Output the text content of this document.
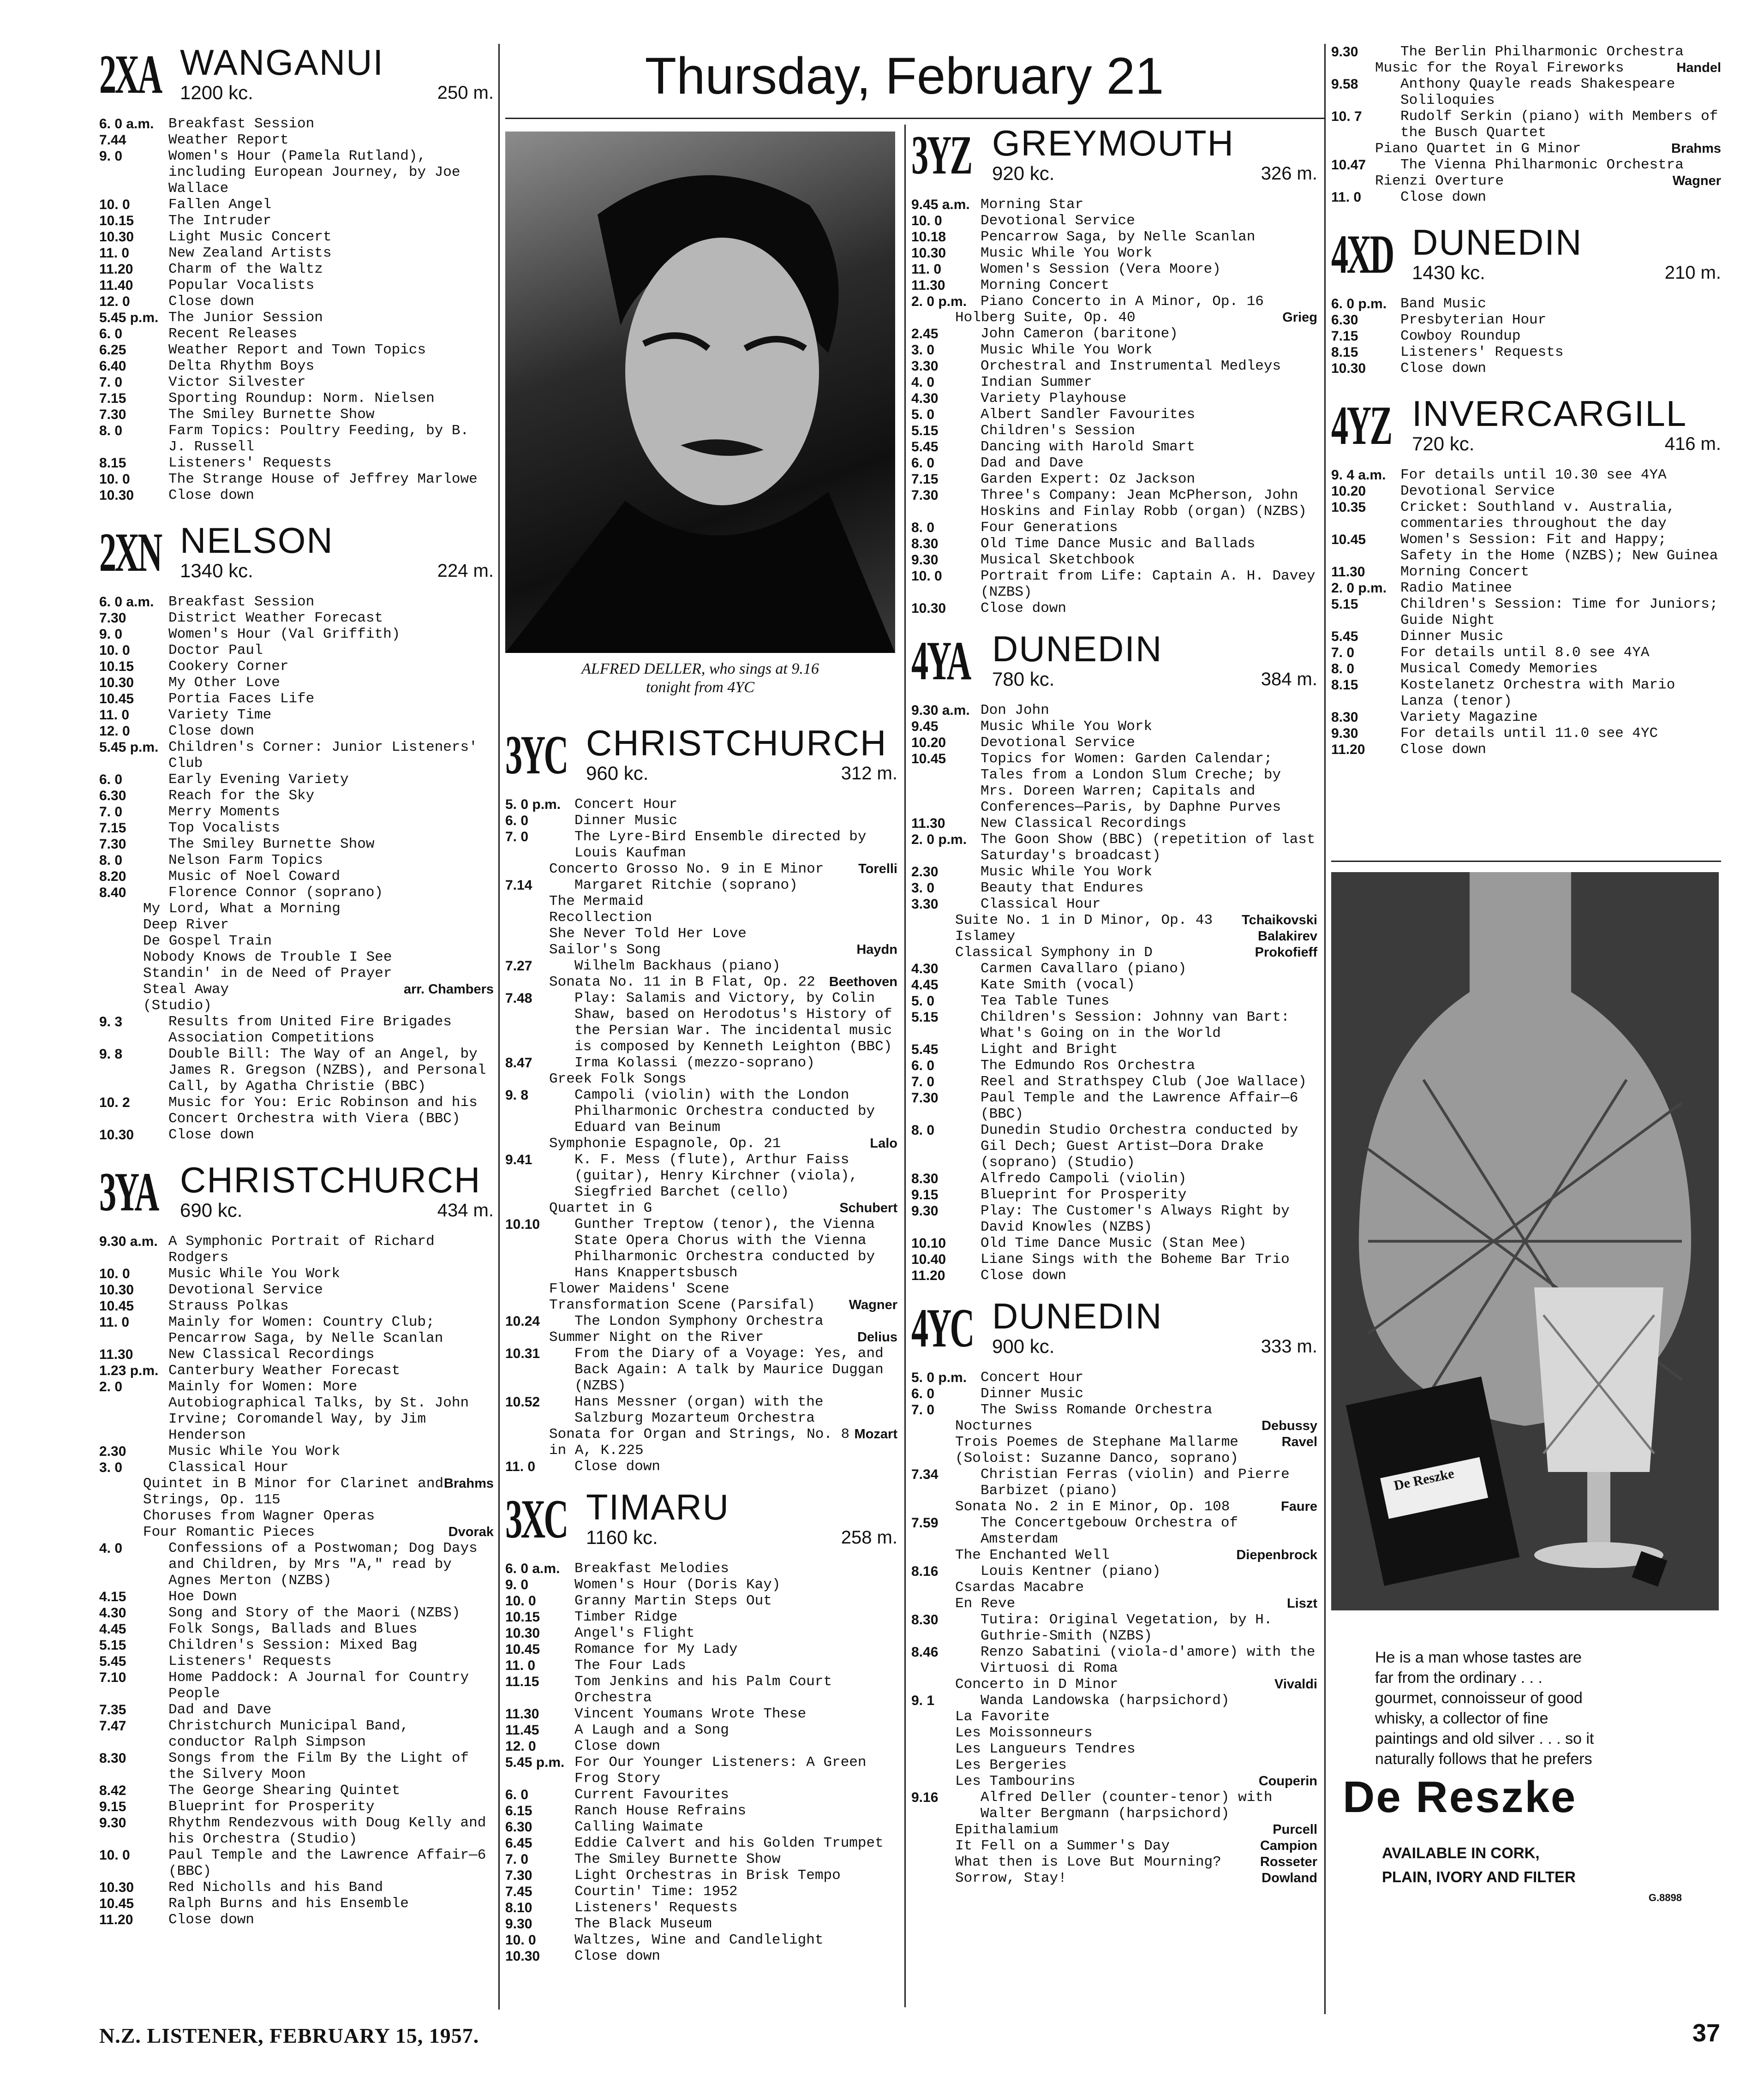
Thursday, February 21
ALFRED DELLER, who sings at 9.16
tonight from 4YC
2XA WANGANUI
1200 kc.	250 m.
6. 0 a.m.	Breakfast Session
7.44	Weather Report
9. 0	Women's Hour (Pamela Rutland), including European Journey, by Joe Wallace
10. 0	Fallen Angel
10.15	The Intruder
10.30	Light Music Concert
11. 0	New Zealand Artists
11.20	Charm of the Waltz
11.40	Popular Vocalists
12. 0	Close down
5.45 p.m. The Junior Session
6. 0	Recent Releases
6.25	Weather Report and Town Topics
6.40	Delta Rhythm Boys
7. 0	Victor Silvester
7.15	Sporting Roundup: Norm. Nielsen
7.30	The Smiley Burnette Show
8. 0	Farm Topics: Poultry Feeding, by B. J. Russell
8.15	Listeners' Requests
10. 0	The Strange House of Jeffrey Marlowe
10.30	Close down
2XN NELSON
1340 kc.	224 m.
6. 0 a.m.	Breakfast Session
7.30	District Weather Forecast
9. 0	Women's Hour (Val Griffith)
10. 0	Doctor Paul
10.15	Cookery Corner
10.30	My Other Love
10.45	Portia Faces Life
11. 0	Variety Time
12. 0	Close down
5.45 p.m. Children's Corner: Junior Listeners' Club
6. 0	Early Evening Variety
6.30	Reach for the Sky
7. 0	Merry Moments
7.15	Top Vocalists
7.30	The Smiley Burnette Show
8. 0	Nelson Farm Topics
8.20	Music of Noel Coward
8.40	Florence Connor (soprano)
My Lord, What a Morning
Deep River
De Gospel Train
Nobody Knows de Trouble I See
Standin' in de Need of Prayer
Steal Away	arr. Chambers
(Studio)
9. 3	Results from United Fire Brigades Association Competitions
9. 8	Double Bill: The Way of an Angel, by James R. Gregson (NZBS), and Personal Call, by Agatha Christie (BBC)
10. 2	Music for You: Eric Robinson and his Concert Orchestra with Viera (BBC)
10.30	Close down
3YA CHRISTCHURCH
690 kc.	434 m.
9.30 a.m. A Symphonic Portrait of Richard Rodgers
10. 0	Music While You Work
10.30	Devotional Service
10.45	Strauss Polkas
11. 0	Mainly for Women: Country Club; Pencarrow Saga, by Nelle Scanlan
11.30	New Classical Recordings
1.23 p.m. Canterbury Weather Forecast
2. 0	Mainly for Women: More Autobiographical Talks, by St. John Irvine; Coromandel Way, by Jim Henderson
2.30	Music While You Work
3. 0	Classical Hour
Quintet in B Minor for Clarinet and Strings, Op. 115
Brahms
Choruses from Wagner Operas
Four Romantic Pieces	Dvorak
4. 0	Confessions of a Postwoman; Dog Days and Children, by Mrs "A," read by Agnes Merton (NZBS)
4.15	Hoe Down
4.30	Song and Story of the Maori (NZBS)
4.45	Folk Songs, Ballads and Blues
5.15	Children's Session: Mixed Bag
5.45	Listeners' Requests
7.10	Home Paddock: A Journal for Country People
7.35	Dad and Dave
7.47	Christchurch Municipal Band, conductor Ralph Simpson
8.30	Songs from the Film By the Light of the Silvery Moon
8.42	The George Shearing Quintet
9.15	Blueprint for Prosperity
9.30	Rhythm Rendezvous with Doug Kelly and his Orchestra (Studio)
10. 0	Paul Temple and the Lawrence Affair—6 (BBC)
10.30	Red Nicholls and his Band
10.45	Ralph Burns and his Ensemble
11.20	Close down
3YC CHRISTCHURCH
960 kc.	312 m.
5. 0 p.m. Concert Hour
6. 0	Dinner Music
7. 0	The Lyre-Bird Ensemble directed by Louis Kaufman
Concerto Grosso No. 9 in E Minor	Torelli
7.14	Margaret Ritchie (soprano)
The Mermaid
Recollection
She Never Told Her Love
Sailor's Song	Haydn
7.27	Wilhelm Backhaus (piano)
Sonata No. 11 in B Flat, Op. 22 Beethoven
7.48	Play: Salamis and Victory, by Colin Shaw, based on Herodotus's History of the Persian War. The incidental music is composed by Kenneth Leighton (BBC)
8.47	Irma Kolassi (mezzo-soprano)
Greek Folk Songs
9. 8	Campoli (violin) with the London Philharmonic Orchestra conducted by Eduard van Beinum
Symphonie Espagnole, Op. 21	Lalo
9.41	K. F. Mess (flute), Arthur Faiss (guitar), Henry Kirchner (viola), Siegfried Barchet (cello)
Quartet in G	Schubert
10.10	Gunther Treptow (tenor), the Vienna State Opera Chorus with the Vienna Philharmonic Orchestra conducted by Hans Knappertsbusch
Flower Maidens' Scene
Transformation Scene (Parsifal)	Wagner
10.24	The London Symphony Orchestra
Summer Night on the River	Delius
10.31	From the Diary of a Voyage: Yes, and Back Again: A talk by Maurice Duggan (NZBS)
10.52	Hans Messner (organ) with the Salzburg Mozarteum Orchestra
Sonata for Organ and Strings, No. 8 in A, K.225
Mozart
11. 0	Close down
3XC TIMARU
1160 kc.	258 m.
6. 0 a.m.	Breakfast Melodies
9. 0	Women's Hour (Doris Kay)
10. 0	Granny Martin Steps Out
10.15	Timber Ridge
10.30	Angel's Flight
10.45	Romance for My Lady
11. 0	The Four Lads
11.15	Tom Jenkins and his Palm Court Orchestra
11.30	Vincent Youmans Wrote These
11.45	A Laugh and a Song
12. 0	Close down
5.45 p.m. For Our Younger Listeners: A Green Frog Story
6. 0	Current Favourites
6.15	Ranch House Refrains
6.30	Calling Waimate
6.45	Eddie Calvert and his Golden Trumpet
7. 0	The Smiley Burnette Show
7.30	Light Orchestras in Brisk Tempo
7.45	Courtin' Time: 1952
8.10	Listeners' Requests
9.30	The Black Museum
10. 0	Waltzes, Wine and Candlelight
10.30	Close down
3YZ GREYMOUTH
920 kc.	326 m.
9.45 a.m. Morning Star
10. 0	Devotional Service
10.18	Pencarrow Saga, by Nelle Scanlan
10.30	Music While You Work
11. 0	Women's Session (Vera Moore)
11.30	Morning Concert
2. 0 p.m. Piano Concerto in A Minor, Op. 16
Holberg Suite, Op. 40	Grieg
2.45	John Cameron (baritone)
3. 0	Music While You Work
3.30	Orchestral and Instrumental Medleys
4. 0	Indian Summer
4.30	Variety Playhouse
5. 0	Albert Sandler Favourites
5.15	Children's Session
5.45	Dancing with Harold Smart
6. 0	Dad and Dave
7.15	Garden Expert: Oz Jackson
7.30	Three's Company: Jean McPherson, John Hoskins and Finlay Robb (organ) (NZBS)
8. 0	Four Generations
8.30	Old Time Dance Music and Ballads
9.30	Musical Sketchbook
10. 0	Portrait from Life: Captain A. H. Davey (NZBS)
10.30	Close down
4YA DUNEDIN
780 kc.	384 m.
9.30 a.m. Don John
9.45	Music While You Work
10.20	Devotional Service
10.45	Topics for Women: Garden Calendar; Tales from a London Slum Creche; by Mrs. Doreen Warren; Capitals and Conferences—Paris, by Daphne Purves
11.30	New Classical Recordings
2. 0 p.m. The Goon Show (BBC) (repetition of last Saturday's broadcast)
2.30	Music While You Work
3. 0	Beauty that Endures
3.30	Classical Hour
Suite No. 1 in D Minor, Op. 43 Tchaikovski
Islamey	Balakirev
Classical Symphony in D	Prokofieff
4.30	Carmen Cavallaro (piano)
4.45	Kate Smith (vocal)
5. 0	Tea Table Tunes
5.15	Children's Session: Johnny van Bart: What's Going on in the World
5.45	Light and Bright
6. 0	The Edmundo Ros Orchestra
7. 0	Reel and Strathspey Club (Joe Wallace)
7.30	Paul Temple and the Lawrence Affair—6 (BBC)
8. 0	Dunedin Studio Orchestra conducted by Gil Dech; Guest Artist—Dora Drake (soprano) (Studio)
8.30	Alfredo Campoli (violin)
9.15	Blueprint for Prosperity
9.30	Play: The Customer's Always Right by David Knowles (NZBS)
10.10	Old Time Dance Music (Stan Mee)
10.40	Liane Sings with the Boheme Bar Trio
11.20	Close down
4YC DUNEDIN
900 kc.	333 m.
5. 0 p.m. Concert Hour
6. 0	Dinner Music
7. 0	The Swiss Romande Orchestra
Nocturnes	Debussy
Trois Poemes de Stephane Mallarme	Ravel
(Soloist: Suzanne Danco, soprano)
7.34	Christian Ferras (violin) and Pierre Barbizet (piano)
Sonata No. 2 in E Minor, Op. 108	Faure
7.59	The Concertgebouw Orchestra of Amsterdam
The Enchanted Well	Diepenbrock
8.16	Louis Kentner (piano)
Csardas Macabre
En Reve	Liszt
8.30	Tutira: Original Vegetation, by H. Guthrie-Smith (NZBS)
8.46	Renzo Sabatini (viola-d'amore) with the Virtuosi di Roma
Concerto in D Minor	Vivaldi
9. 1	Wanda Landowska (harpsichord)
La Favorite
Les Moissonneurs
Les Langueurs Tendres
Les Bergeries
Les Tambourins	Couperin
9.16	Alfred Deller (counter-tenor) with Walter Bergmann (harpsichord)
Epithalamium	Purcell
It Fell on a Summer's Day	Campion
What then is Love But Mourning?	Rosseter
Sorrow, Stay!	Dowland
9.30	The Berlin Philharmonic Orchestra
Music for the Royal Fireworks	Handel
9.58	Anthony Quayle reads Shakespeare Soliloquies
10. 7	Rudolf Serkin (piano) with Members of the Busch Quartet
Piano Quartet in G Minor	Brahms
10.47	The Vienna Philharmonic Orchestra
Rienzi Overture	Wagner
11. 0	Close down
4XD DUNEDIN
1430 kc.	210 m.
6. 0 p.m. Band Music
6.30	Presbyterian Hour
7.15	Cowboy Roundup
8.15	Listeners' Requests
10.30	Close down
4YZ INVERCARGILL
720 kc.	416 m.
9. 4 a.m.	For details until 10.30 see 4YA
10.20	Devotional Service
10.35	Cricket: Southland v. Australia, commentaries throughout the day
10.45	Women's Session: Fit and Happy; Safety in the Home (NZBS); New Guinea
11.30	Morning Concert
2. 0 p.m. Radio Matinee
5.15	Children's Session: Time for Juniors; Guide Night
5.45	Dinner Music
7. 0	For details until 8.0 see 4YA
8. 0	Musical Comedy Memories
8.15	Kostelanetz Orchestra with Mario Lanza (tenor)
8.30	Variety Magazine
9.30	For details until 11.0 see 4YC
11.20	Close down
De Reszke
He is a man whose tastes are
far from the ordinary . . .
gourmet, connoisseur of good
whisky, a collector of fine
paintings and old silver . . . so it
naturally follows that he prefers
De Reszke
AVAILABLE IN CORK,
PLAIN, IVORY AND FILTER
G.8898
N.Z. LISTENER, FEBRUARY 15, 1957.	37
